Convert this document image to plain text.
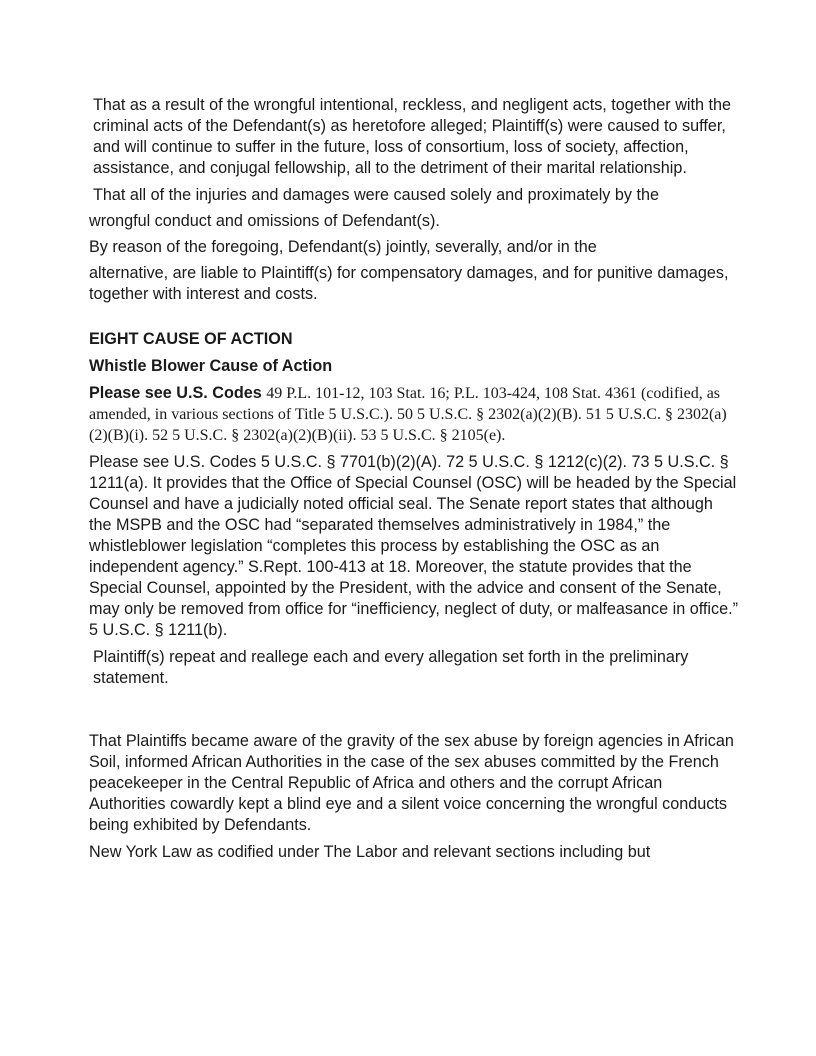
That as a result of the wrongful intentional, reckless, and negligent acts, together with the criminal acts of the Defendant(s) as heretofore alleged; Plaintiff(s) were caused to suffer, and will continue to suffer in the future, loss of consortium, loss of society, affection, assistance, and conjugal fellowship, all to the detriment of their marital relationship.

That all of the injuries and damages were caused solely and proximately by the

wrongful conduct and omissions of Defendant(s).

By reason of the foregoing, Defendant(s) jointly, severally, and/or in the

alternative, are liable to Plaintiff(s) for compensatory damages, and for punitive damages, together with interest and costs.

EIGHT CAUSE OF ACTION

Whistle Blower Cause of Action

Please see U.S. Codes 49 P.L. 101-12, 103 Stat. 16; P.L. 103-424, 108 Stat. 4361 (codified, as amended, in various sections of Title 5 U.S.C.). 50 5 U.S.C. § 2302(a)(2)(B). 51 5 U.S.C. § 2302(a)(2)(B)(i). 52 5 U.S.C. § 2302(a)(2)(B)(ii). 53 5 U.S.C. § 2105(e).

Please see U.S. Codes 5 U.S.C. § 7701(b)(2)(A). 72 5 U.S.C. § 1212(c)(2). 73 5 U.S.C. § 1211(a). It provides that the Office of Special Counsel (OSC) will be headed by the Special Counsel and have a judicially noted official seal. The Senate report states that although the MSPB and the OSC had “separated themselves administratively in 1984,” the whistleblower legislation “completes this process by establishing the OSC as an independent agency.” S.Rept. 100-413 at 18. Moreover, the statute provides that the Special Counsel, appointed by the President, with the advice and consent of the Senate, may only be removed from office for “inefficiency, neglect of duty, or malfeasance in office.” 5 U.S.C. § 1211(b).

Plaintiff(s) repeat and reallege each and every allegation set forth in the preliminary statement.

That Plaintiffs became aware of the gravity of the sex abuse by foreign agencies in African Soil, informed African Authorities in the case of the sex abuses committed by the French peacekeeper in the Central Republic of Africa and others and the corrupt African Authorities cowardly kept a blind eye and a silent voice concerning the wrongful conducts being exhibited by Defendants.

New York Law as codified under The Labor and relevant sections including but
